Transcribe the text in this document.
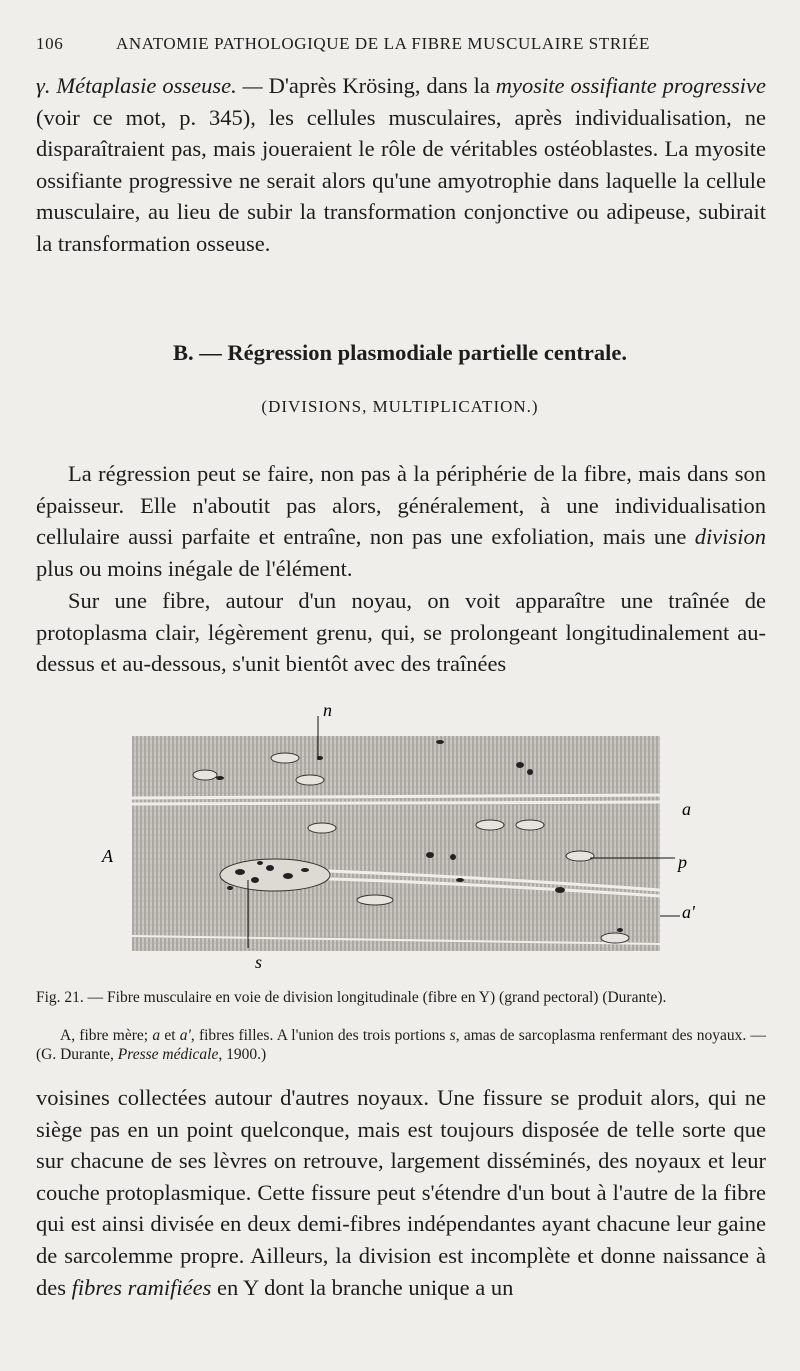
106	ANATOMIE PATHOLOGIQUE DE LA FIBRE MUSCULAIRE STRIÉE

γ. Métaplasie osseuse. — D'après Krösing, dans la myosite ossifiante progressive (voir ce mot, p. 345), les cellules musculaires, après individualisation, ne disparaîtraient pas, mais joueraient le rôle de véritables ostéoblastes. La myosite ossifiante progressive ne serait alors qu'une amyotrophie dans laquelle la cellule musculaire, au lieu de subir la transformation conjonctive ou adipeuse, subirait la transformation osseuse.

B. — Régression plasmodiale partielle centrale.
(DIVISIONS, MULTIPLICATION.)

La régression peut se faire, non pas à la périphérie de la fibre, mais dans son épaisseur. Elle n'aboutit pas alors, généralement, à une individualisation cellulaire aussi parfaite et entraîne, non pas une exfoliation, mais une division plus ou moins inégale de l'élément.

Sur une fibre, autour d'un noyau, on voit apparaître une traînée de protoplasma clair, légèrement grenu, qui, se prolongeant longitudinalement au-dessus et au-dessous, s'unit bientôt avec des traînées

n
a
p
a'
A
s

Fig. 21. — Fibre musculaire en voie de division longitudinale (fibre en Y) (grand pectoral) (Durante).

A, fibre mère; a et a', fibres filles. A l'union des trois portions s, amas de sarcoplasma renfermant des noyaux. — (G. Durante, Presse médicale, 1900.)

voisines collectées autour d'autres noyaux. Une fissure se produit alors, qui ne siège pas en un point quelconque, mais est toujours disposée de telle sorte que sur chacune de ses lèvres on retrouve, largement disséminés, des noyaux et leur couche protoplasmique. Cette fissure peut s'étendre d'un bout à l'autre de la fibre qui est ainsi divisée en deux demi-fibres indépendantes ayant chacune leur gaine de sarcolemme propre. Ailleurs, la division est incomplète et donne naissance à des fibres ramifiées en Y dont la branche unique a un
